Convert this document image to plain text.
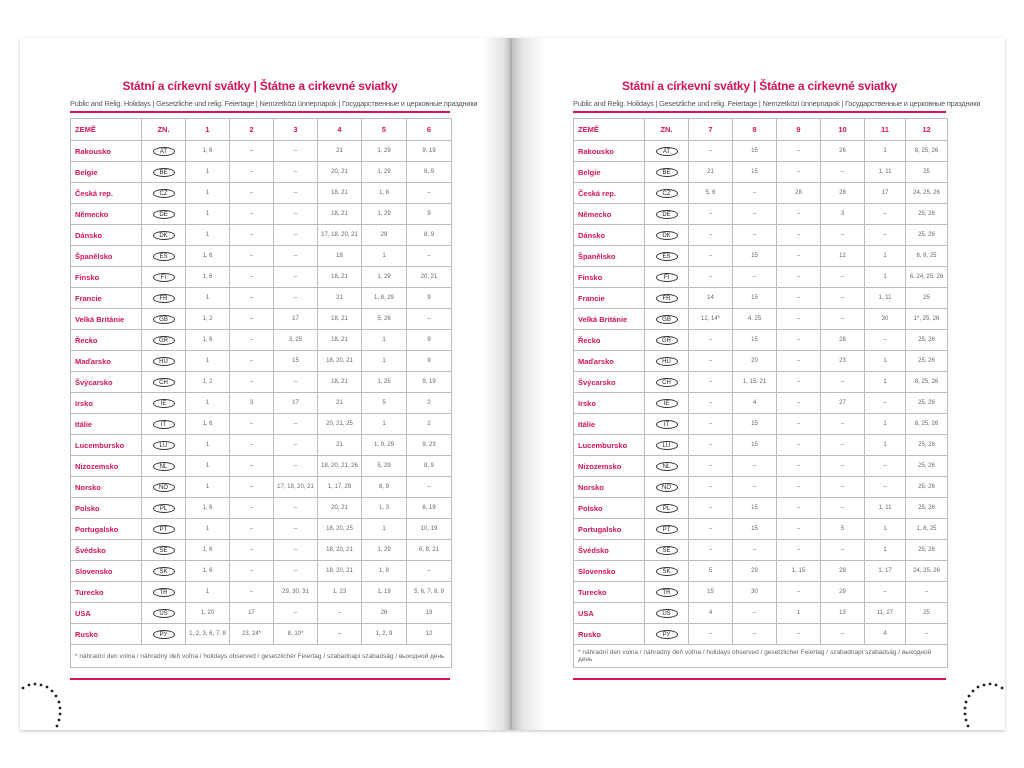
Státní a církevní svátky | Štátne a cirkevné sviatky
Public and Relig. Holidays | Gesetzliche und relig. Feiertage | Nemzetközi ünnepnapok | Государственные и церковные праздники
ZEMĚ	ZN.	1	2	3	4	5	6
Rakousko	AT	1, 6	–	–	21	1, 29	9, 19
Belgie	BE	1	–	–	20, 21	1, 29	8, 9
Česká rep.	CZ	1	–	–	18, 21	1, 8	–
Německo	DE	1	–	–	18, 21	1, 29	9
Dánsko	DK	1	–	–	17, 18, 20, 21	29	8, 9
Španělsko	ES	1, 6	–	–	18	1	–
Finsko	FI	1, 6	–	–	18, 21	1, 29	20, 21
Francie	FR	1	–	–	21	1, 8, 29	9
Velká Británie	GB	1, 2	–	17	18, 21	5, 26	–
Řecko	GR	1, 6	–	3, 25	18, 21	1	9
Maďarsko	HU	1	–	15	18, 20, 21	1	9
Švýcarsko	CH	1, 2	–	–	18, 21	1, 25	9, 19
Irsko	IE	1	3	17	21	5	2
Itálie	IT	1, 6	–	–	20, 21, 25	1	2
Lucembursko	LU	1	–	–	21	1, 9, 29	9, 23
Nizozemsko	NL	1	–	–	18, 20, 21, 26	5, 29	8, 9
Norsko	NO	1	–	17, 18, 20, 21	1, 17, 29	8, 9	–
Polsko	PL	1, 6	–	–	20, 21	1, 3	8, 19
Portugalsko	PT	1	–	–	18, 20, 25	1	10, 19
Švédsko	SE	1, 6	–	–	18, 20, 21	1, 29	6, 8, 21
Slovensko	SK	1, 6	–	–	18, 20, 21	1, 8	–
Turecko	TR	1	–	29, 30, 31	1, 23	1, 19	5, 6, 7, 8, 9
USA	US	1, 20	17	–	–	26	19
Rusko	РУ	1, 2, 3, 6, 7, 8	23, 24*	8, 10*	–	1, 2, 9	12
* náhradní den volna / náhradný deň voľna / holidays observed / gesetzlicher Feiertag / szabadnapi szabadság / выходной день							
Státní a církevní svátky | Štátne a cirkevné sviatky
Public and Relig. Holidays | Gesetzliche und relig. Feiertage | Nemzetközi ünnepnapok | Государственные и церковные праздники
ZEMĚ	ZN.	7	8	9	10	11	12
Rakousko	AT	–	15	–	26	1	8, 25, 26
Belgie	BE	21	15	–	–	1, 11	25
Česká rep.	CZ	5, 6	–	28	28	17	24, 25, 26
Německo	DE	–	–	–	3	–	25, 26
Dánsko	DK	–	–	–	–	–	25, 26
Španělsko	ES	–	15	–	12	1	6, 8, 25
Finsko	FI	–	–	–	–	1	6, 24, 25, 26
Francie	FR	14	15	–	–	1, 11	25
Velká Británie	GB	12, 14*	4, 25	–	–	30	1*, 25, 26
Řecko	GR	–	15	–	28	–	25, 26
Maďarsko	HU	–	20	–	23	1	25, 26
Švýcarsko	CH	–	1, 15, 21	–	–	1	8, 25, 26
Irsko	IE	–	4	–	27	–	25, 26
Itálie	IT	–	15	–	–	1	8, 25, 26
Lucembursko	LU	–	15	–	–	1	25, 26
Nizozemsko	NL	–	–	–	–	–	25, 26
Norsko	NO	–	–	–	–	–	25, 26
Polsko	PL	–	15	–	–	1, 11	25, 26
Portugalsko	PT	–	15	–	5	1	1, 8, 25
Švédsko	SE	–	–	–	–	1	25, 26
Slovensko	SK	5	29	1, 15	28	1, 17	24, 25, 26
Turecko	TR	15	30	–	29	–	–
USA	US	4	–	1	13	11, 27	25
Rusko	РУ	–	–	–	–	4	–
* náhradní den volna / náhradný deň voľna / holidays observed / gesetzlicher Feiertag / szabadnapi szabadság / выходной день							
